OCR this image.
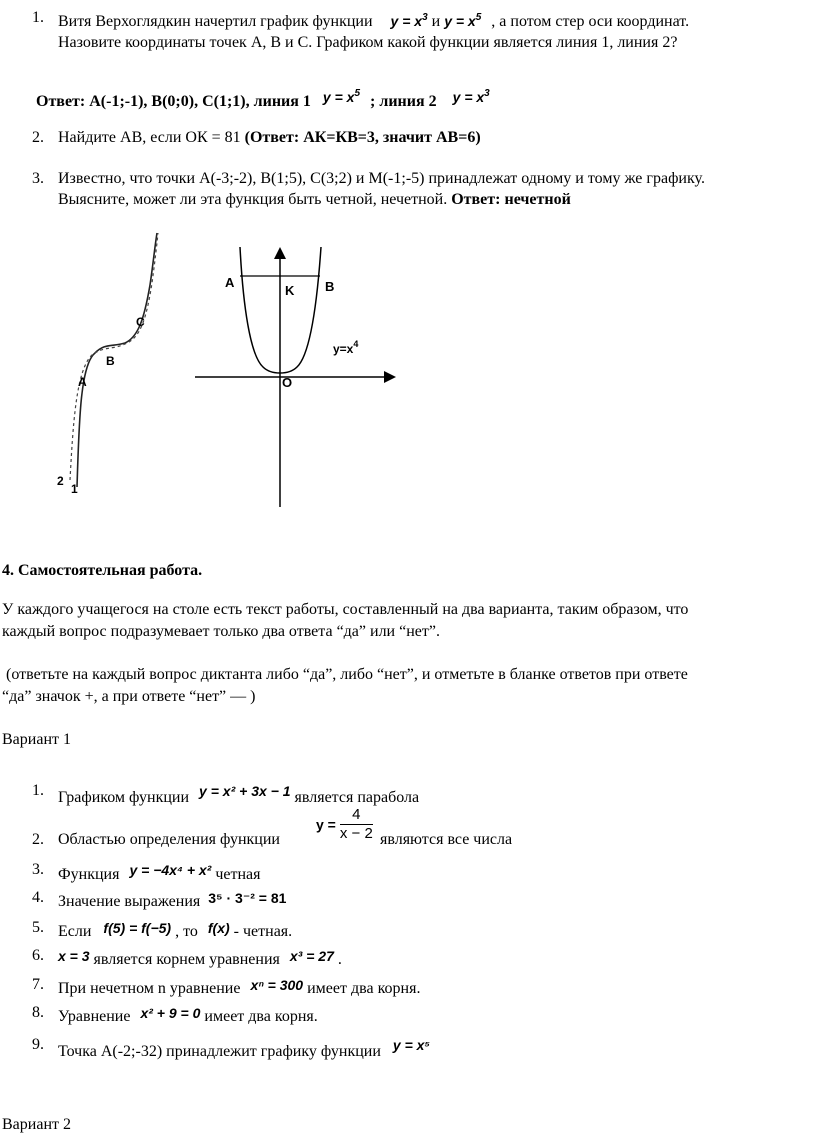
1. Витя Верхоглядкин начертил график функции $y = x^3$ и $y = x^5$ , а потом стер оси координат.
Назовите координаты точек А, В и С. Графиком какой функции является линия 1, линия 2?
Ответ: А(-1;-1), В(0;0), С(1;1), линия 1 $y = x^5$ ; линия 2 $y = x^3$
2. Найдите АВ, если ОК = 81 (Ответ: АК=КВ=3, значит АВ=6)
3. Известно, что точки А(-3;-2), В(1;5), С(3;2) и М(-1;-5) принадлежат одному и тому же графику.
Выясните, может ли эта функция быть четной, нечетной. Ответ: нечетной
C
B
A
2
1
A
K B
O
$y=x^4$
4. Самостоятельная работа.
У каждого учащегося на столе есть текст работы, составленный на два варианта, таким образом, что
каждый вопрос подразумевает только два ответа “да” или “нет”.
(ответьте на каждый вопрос диктанта либо “да”, либо “нет”, и отметьте в бланке ответов при ответе
“да” значок +, а при ответе “нет” — )
Вариант 1
1. Графиком функции y = x² + 3x − 1 является парабола
2. Областью определения функции
$y = \frac{4}{x - 2}$ являются все числа
3. Функция y = −4x⁴ + x² четная
4. Значение выражения 3⁵ · 3⁻² = 81
5. Если f(5) = f(−5) , то f(x) - четная.
6. x = 3 является корнем уравнения x³ = 27 .
7. При нечетном n уравнение xⁿ = 300 имеет два корня.
8. Уравнение x² + 9 = 0 имеет два корня.
9. Точка А(-2;-32) принадлежит графику функции y = x⁵
Вариант 2
